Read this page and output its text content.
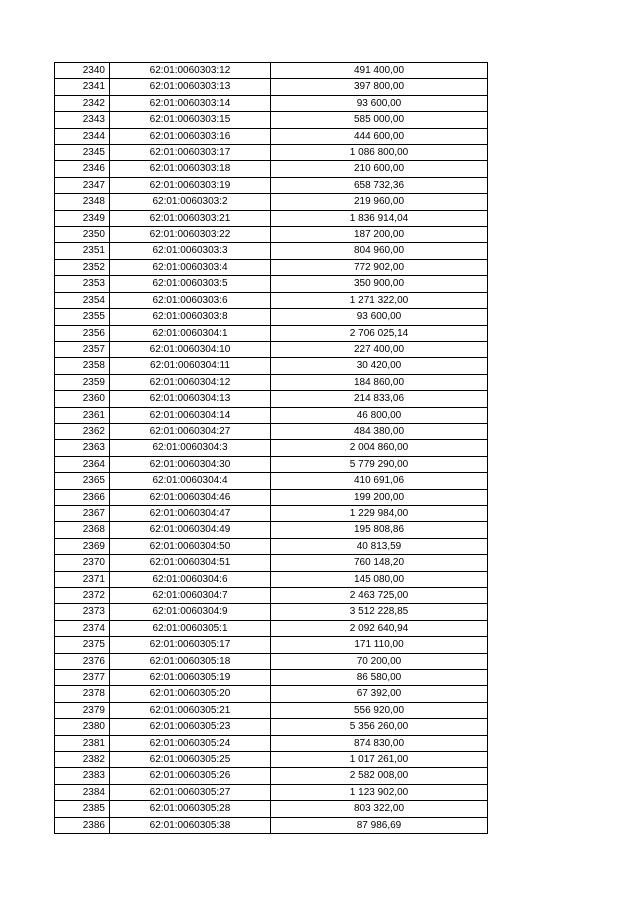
2340	62:01:0060303:12	491 400,00
2341	62:01:0060303:13	397 800,00
2342	62:01:0060303:14	93 600,00
2343	62:01:0060303:15	585 000,00
2344	62:01:0060303:16	444 600,00
2345	62:01:0060303:17	1 086 800,00
2346	62:01:0060303:18	210 600,00
2347	62:01:0060303:19	658 732,36
2348	62:01:0060303:2	219 960,00
2349	62:01:0060303:21	1 836 914,04
2350	62:01:0060303:22	187 200,00
2351	62:01:0060303:3	804 960,00
2352	62:01:0060303:4	772 902,00
2353	62:01:0060303:5	350 900,00
2354	62:01:0060303:6	1 271 322,00
2355	62:01:0060303:8	93 600,00
2356	62:01:0060304:1	2 706 025,14
2357	62:01:0060304:10	227 400,00
2358	62:01:0060304:11	30 420,00
2359	62:01:0060304:12	184 860,00
2360	62:01:0060304:13	214 833,06
2361	62:01:0060304:14	46 800,00
2362	62:01:0060304:27	484 380,00
2363	62:01:0060304:3	2 004 860,00
2364	62:01:0060304:30	5 779 290,00
2365	62:01:0060304:4	410 691,06
2366	62:01:0060304:46	199 200,00
2367	62:01:0060304:47	1 229 984,00
2368	62:01:0060304:49	195 808,86
2369	62:01:0060304:50	40 813,59
2370	62:01:0060304:51	760 148,20
2371	62:01:0060304:6	145 080,00
2372	62:01:0060304:7	2 463 725,00
2373	62:01:0060304:9	3 512 228,85
2374	62:01:0060305:1	2 092 640,94
2375	62:01:0060305:17	171 110,00
2376	62:01:0060305:18	70 200,00
2377	62:01:0060305:19	86 580,00
2378	62:01:0060305:20	67 392,00
2379	62:01:0060305:21	556 920,00
2380	62:01:0060305:23	5 356 260,00
2381	62:01:0060305:24	874 830,00
2382	62:01:0060305:25	1 017 261,00
2383	62:01:0060305:26	2 582 008,00
2384	62:01:0060305:27	1 123 902,00
2385	62:01:0060305:28	803 322,00
2386	62:01:0060305:38	87 986,69
